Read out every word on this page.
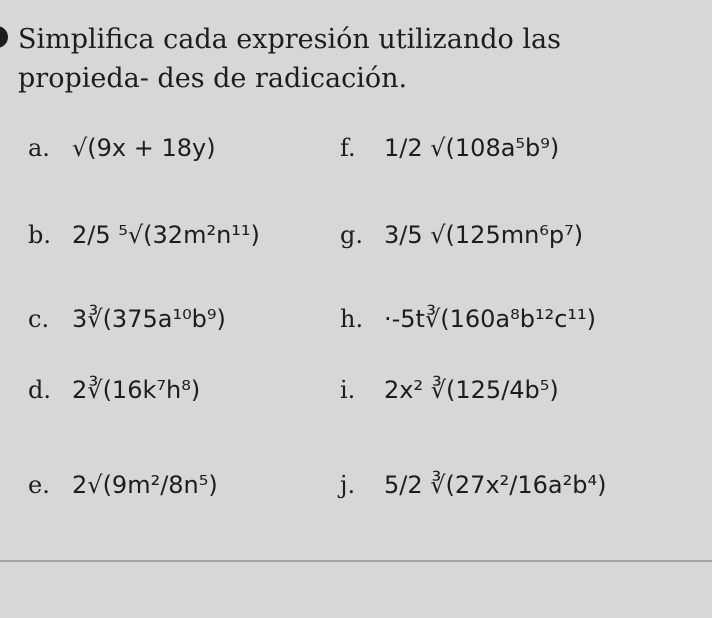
Simplifica cada expresión utilizando las propieda- des de radicación.
a. √(9x + 18y)
b. 2/5 ⁵√(32m²n¹¹)
c. 3∛(375a¹⁰b⁹)
d. 2∛(16k⁷h⁸)
e. 2√(9m²/8n⁵)
f.	1/2 √(108a⁵b⁹)
g. 3/5 √(125mn⁶p⁷)
h. ·-5t∛(160a⁸b¹²c¹¹)
i.	2x² ∛(125/4b⁵)
j.	5/2 ∛(27x²/16a²b⁴)
